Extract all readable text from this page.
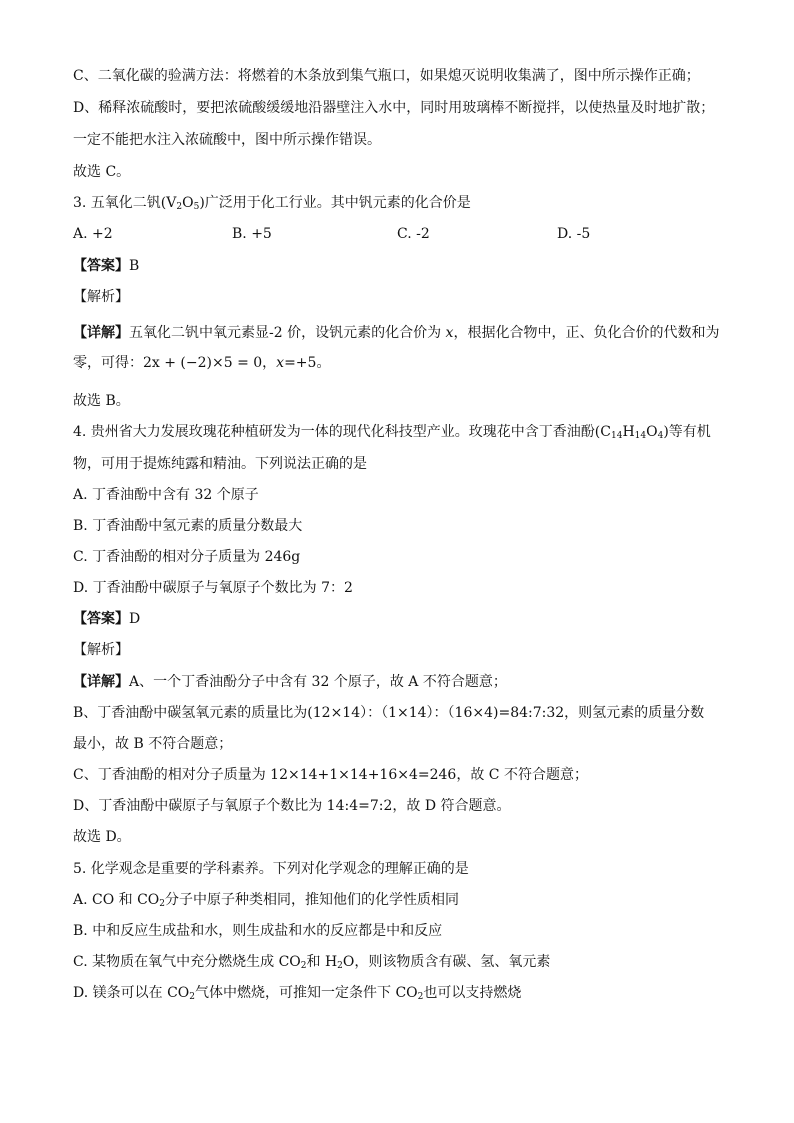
C、二氧化碳的验满方法：将燃着的木条放到集气瓶口，如果熄灭说明收集满了，图中所示操作正确；
D、稀释浓硫酸时，要把浓硫酸缓缓地沿器壁注入水中，同时用玻璃棒不断搅拌，以使热量及时地扩散；
一定不能把水注入浓硫酸中，图中所示操作错误。
故选 C。
3. 五氧化二钒$(V_2O_5)$广泛用于化工行业。其中钒元素的化合价是
A. +2	B. +5	C. -2	D. -5
【答案】B
【解析】
【详解】五氧化二钒中氧元素显-2 价，设钒元素的化合价为 x，根据化合物中，正、负化合价的代数和为零，可得：2x + (−2)×5 = 0，x=+5。
故选 B。
4. 贵州省大力发展玫瑰花种植研发为一体的现代化科技型产业。玫瑰花中含丁香油酚$(C_{14}H_{14}O_4)$等有机
物，可用于提炼纯露和精油。下列说法正确的是
A. 丁香油酚中含有 32 个原子
B. 丁香油酚中氢元素的质量分数最大
C. 丁香油酚的相对分子质量为 246g
D. 丁香油酚中碳原子与氧原子个数比为 7：2
【答案】D
【解析】
【详解】A、一个丁香油酚分子中含有 32 个原子，故 A 不符合题意；
B、丁香油酚中碳氢氧元素的质量比为(12×14）：（1×14）：（16×4)=84:7:32，则氢元素的质量分数
最小，故 B 不符合题意；
C、丁香油酚的相对分子质量为 12×14+1×14+16×4=246，故 C 不符合题意；
D、丁香油酚中碳原子与氧原子个数比为 14:4=7:2，故 D 符合题意。
故选 D。
5. 化学观念是重要的学科素养。下列对化学观念的理解正确的是
A. CO 和 $CO_2$分子中原子种类相同，推知他们的化学性质相同
B. 中和反应生成盐和水，则生成盐和水的反应都是中和反应
C. 某物质在氧气中充分燃烧生成 $CO_2$和 $H_2O$，则该物质含有碳、氢、氧元素
D. 镁条可以在 $CO_2$气体中燃烧，可推知一定条件下 $CO_2$也可以支持燃烧
